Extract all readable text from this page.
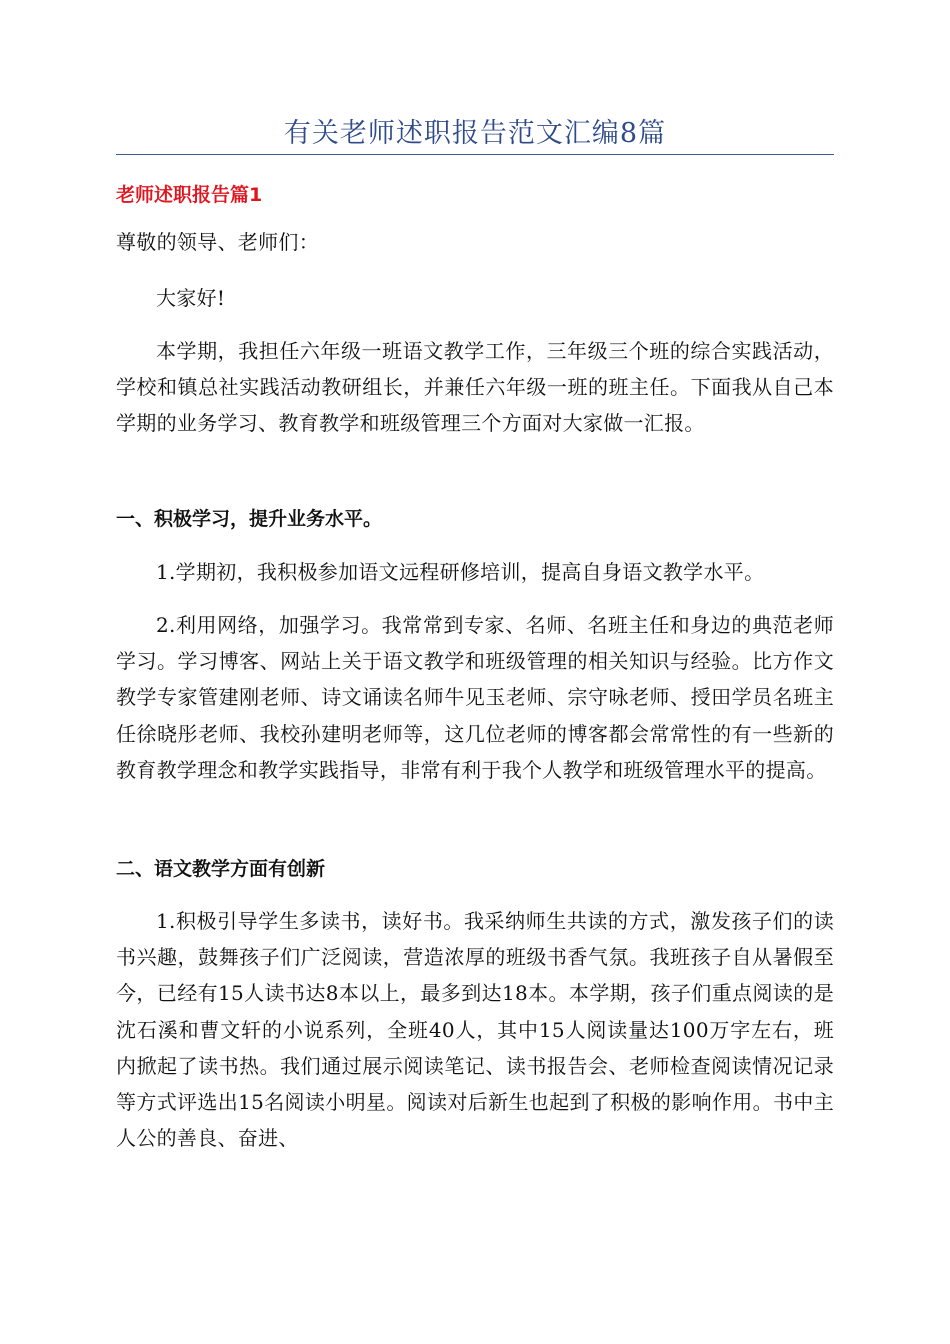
有关老师述职报告范文汇编8篇

老师述职报告篇1

尊敬的领导、老师们：

大家好!

本学期，我担任六年级一班语文教学工作，三年级三个班的综合实践活动，学校和镇总社实践活动教研组长，并兼任六年级一班的班主任。下面我从自己本学期的业务学习、教育教学和班级管理三个方面对大家做一汇报。

一、积极学习，提升业务水平。

1.学期初，我积极参加语文远程研修培训，提高自身语文教学水平。

2.利用网络，加强学习。我常常到专家、名师、名班主任和身边的典范老师学习。学习博客、网站上关于语文教学和班级管理的相关知识与经验。比方作文教学专家管建刚老师、诗文诵读名师牛见玉老师、宗守咏老师、授田学员名班主任徐晓彤老师、我校孙建明老师等，这几位老师的博客都会常常性的有一些新的教育教学理念和教学实践指导，非常有利于我个人教学和班级管理水平的提高。

二、语文教学方面有创新

1.积极引导学生多读书，读好书。我采纳师生共读的方式，激发孩子们的读书兴趣，鼓舞孩子们广泛阅读，营造浓厚的班级书香气氛。我班孩子自从暑假至今，已经有15人读书达8本以上，最多到达18本。本学期，孩子们重点阅读的是沈石溪和曹文轩的小说系列，全班40人，其中15人阅读量达100万字左右，班内掀起了读书热。我们通过展示阅读笔记、读书报告会、老师检查阅读情况记录等方式评选出15名阅读小明星。阅读对后新生也起到了积极的影响作用。书中主人公的善良、奋进、
